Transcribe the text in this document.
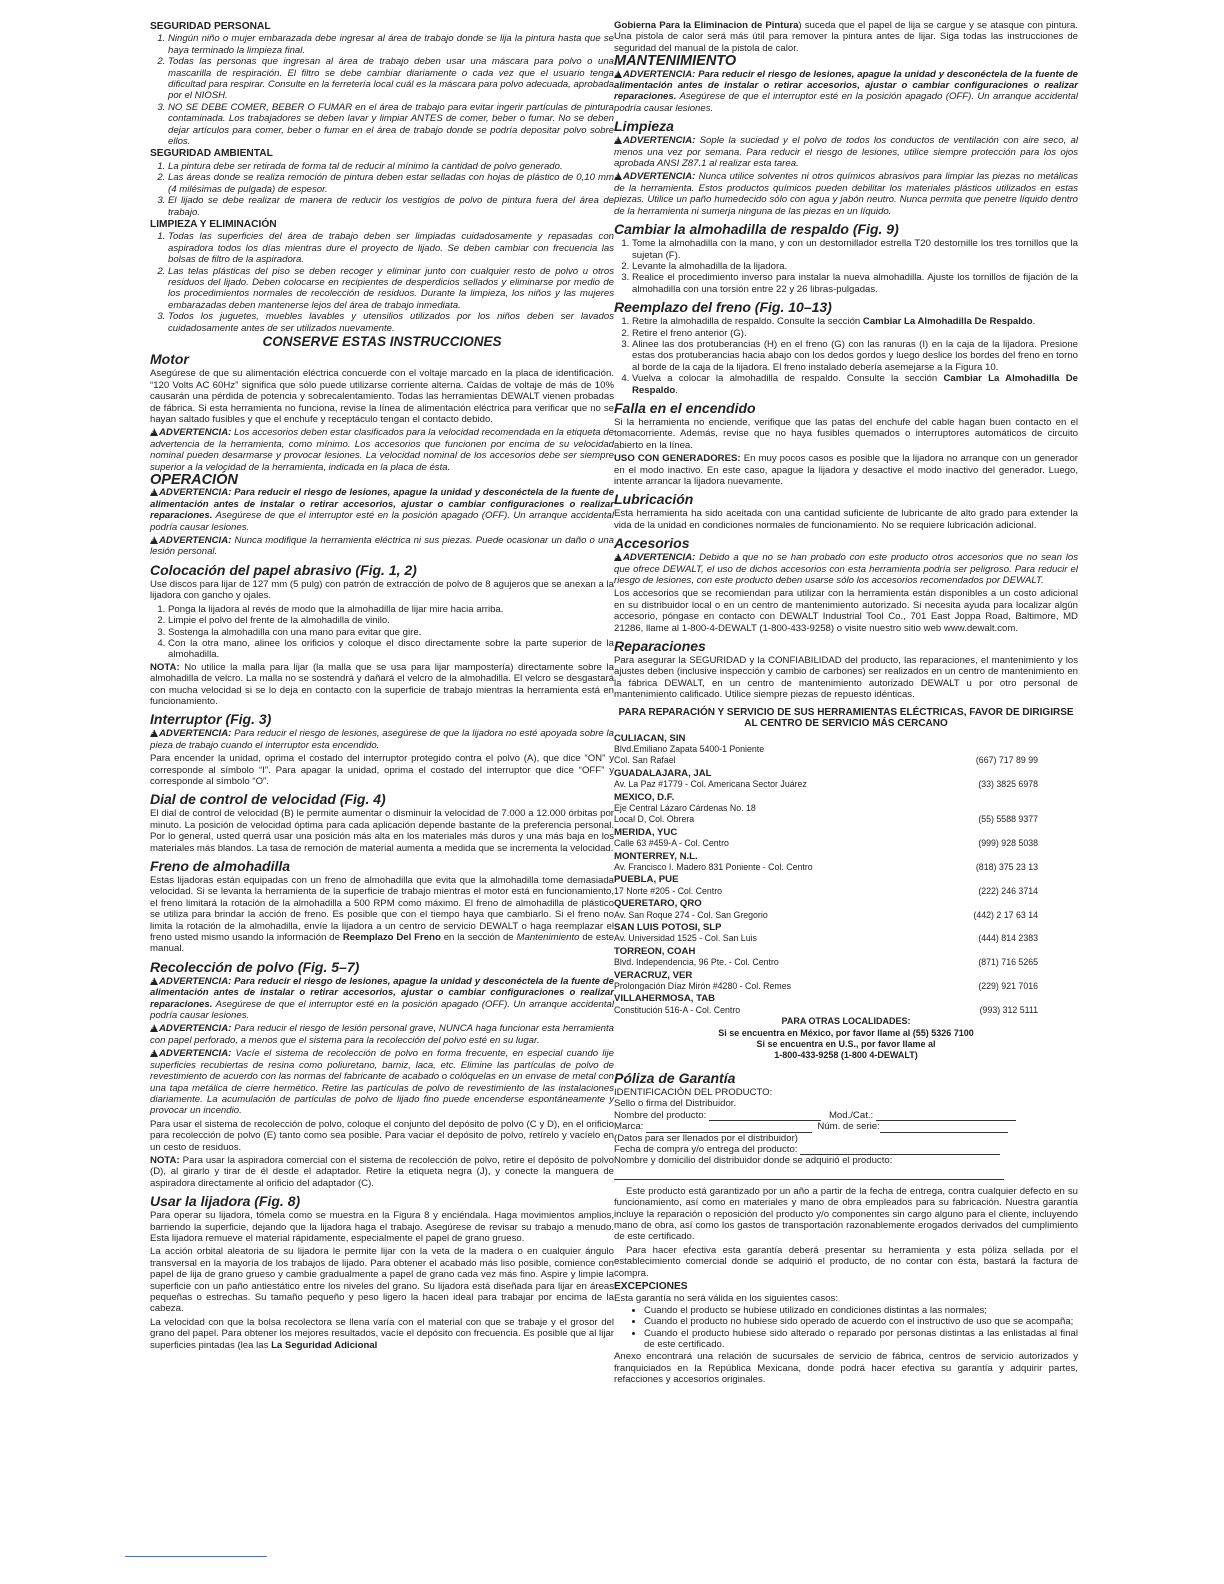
SEGURIDAD PERSONAL
1. Ningún niño o mujer embarazada debe ingresar al área de trabajo donde se lija la pintura hasta que se haya terminado la limpieza final.
2. Todas las personas que ingresan al área de trabajo deben usar una máscara para polvo o una mascarilla de respiración. El filtro se debe cambiar diariamente o cada vez que el usuario tenga dificultad para respirar. Consulte en la ferretería local cuál es la máscara para polvo adecuada, aprobada por el NIOSH.
3. NO SE DEBE COMER, BEBER O FUMAR en el área de trabajo para evitar ingerir partículas de pintura contaminada. Los trabajadores se deben lavar y limpiar ANTES de comer, beber o fumar. No se deben dejar artículos para comer, beber o fumar en el área de trabajo donde se podría depositar polvo sobre ellos.
SEGURIDAD AMBIENTAL
1. La pintura debe ser retirada de forma tal de reducir al mínimo la cantidad de polvo generado.
2. Las áreas donde se realiza remoción de pintura deben estar selladas con hojas de plástico de 0,10 mm (4 milésimas de pulgada) de espesor.
3. El lijado se debe realizar de manera de reducir los vestigios de polvo de pintura fuera del área de trabajo.
LIMPIEZA Y ELIMINACIÓN
1. Todas las superficies del área de trabajo deben ser limpiadas cuidadosamente y repasadas con aspiradora todos los días mientras dure el proyecto de lijado. Se deben cambiar con frecuencia las bolsas de filtro de la aspiradora.
2. Las telas plásticas del piso se deben recoger y eliminar junto con cualquier resto de polvo u otros residuos del lijado. Deben colocarse en recipientes de desperdicios sellados y eliminarse por medio de los procedimientos normales de recolección de residuos. Durante la limpieza, los niños y las mujeres embarazadas deben mantenerse lejos del área de trabajo inmediata.
3. Todos los juguetes, muebles lavables y utensilios utilizados por los niños deben ser lavados cuidadosamente antes de ser utilizados nuevamente.
CONSERVE ESTAS INSTRUCCIONES
Motor

Asegúrese de que su alimentación eléctrica concuerde con el voltaje marcado en la placa de identificación. “120 Volts AC 60Hz” significa que sólo puede utilizarse corriente alterna. Caídas de voltaje de más de 10% causarán una pérdida de potencia y sobrecalentamiento. Todas las herramientas DEWALT vienen probadas de fábrica. Si esta herramienta no funciona, revise la línea de alimentación eléctrica para verificar que no se hayan saltado fusibles y que el enchufe y receptáculo tengan el contacto debido.

!ADVERTENCIA: Los accesorios deben estar clasificados para la velocidad recomendada en la etiqueta de advertencia de la herramienta, como mínimo. Los accesorios que funcionen por encima de su velocidad nominal pueden desarmarse y provocar lesiones. La velocidad nominal de los accesorios debe ser siempre superior a la velocidad de la herramienta, indicada en la placa de ésta.

OPERACIÓN

!ADVERTENCIA: Para reducir el riesgo de lesiones, apague la unidad y desconéctela de la fuente de alimentación antes de instalar o retirar accesorios, ajustar o cambiar configuraciones o realizar reparaciones. Asegúrese de que el interruptor esté en la posición apagado (OFF). Un arranque accidental podría causar lesiones.

!ADVERTENCIA: Nunca modifique la herramienta eléctrica ni sus piezas. Puede ocasionar un daño o una lesión personal.

Colocación del papel abrasivo (Fig. 1, 2)

Use discos para lijar de 127 mm (5 pulg) con patrón de extracción de polvo de 8 agujeros que se anexan a la lijadora con gancho y ojales.

1. Ponga la lijadora al revés de modo que la almohadilla de lijar mire hacia arriba.
2. Limpie el polvo del frente de la almohadilla de vinilo.
3. Sostenga la almohadilla con una mano para evitar que gire.
4. Con la otra mano, alinee los orificios y coloque el disco directamente sobre la parte superior de la almohadilla.

NOTA: No utilice la malla para lijar (la malla que se usa para lijar mampostería) directamente sobre la almohadilla de velcro. La malla no se sostendrá y dañará el velcro de la almohadilla. El velcro se desgastará con mucha velocidad si se lo deja en contacto con la superficie de trabajo mientras la herramienta está en funcionamiento.

Interruptor (Fig. 3)

!ADVERTENCIA: Para reducir el riesgo de lesiones, asegúrese de que la lijadora no esté apoyada sobre la pieza de trabajo cuando el interruptor esta encendido.

Para encender la unidad, oprima el costado del interruptor protegido contra el polvo (A), que dice “ON” y corresponde al símbolo “I”. Para apagar la unidad, oprima el costado del interruptor que dice “OFF” y corresponde al símbolo “O”.

Dial de control de velocidad (Fig. 4)

El dial de control de velocidad (B) le permite aumentar o disminuir la velocidad de 7.000 a 12.000 órbitas por minuto. La posición de velocidad óptima para cada aplicación depende bastante de la preferencia personal. Por lo general, usted querrá usar una posición más alta en los materiales más duros y una más baja en los materiales más blandos. La tasa de remoción de material aumenta a medida que se incrementa la velocidad.

Freno de almohadilla

Estas lijadoras están equipadas con un freno de almohadilla que evita que la almohadilla tome demasiada velocidad. Si se levanta la herramienta de la superficie de trabajo mientras el motor está en funcionamiento, el freno limitará la rotación de la almohadilla a 500 RPM como máximo. El freno de almohadilla de plástico se utiliza para brindar la acción de freno. Es posible que con el tiempo haya que cambiarlo. Si el freno no limita la rotación de la almohadilla, envíe la lijadora a un centro de servicio DEWALT o haga reemplazar el freno usted mismo usando la información de Reemplazo Del Freno en la sección de Mantenimiento de este manual.

Recolección de polvo (Fig. 5–7)

!ADVERTENCIA: Para reducir el riesgo de lesiones, apague la unidad y desconéctela de la fuente de alimentación antes de instalar o retirar accesorios, ajustar o cambiar configuraciones o realizar reparaciones. Asegúrese de que el interruptor esté en la posición apagado (OFF). Un arranque accidental podría causar lesiones.

!ADVERTENCIA: Para reducir el riesgo de lesión personal grave, NUNCA haga funcionar esta herramienta con papel perforado, a menos que el sistema para la recolección del polvo esté en su lugar.

!ADVERTENCIA: Vacíe el sistema de recolección de polvo en forma frecuente, en especial cuando lije superficies recubiertas de resina como poliuretano, barniz, laca, etc. Elimine las partículas de polvo de revestimiento de acuerdo con las normas del fabricante de acabado o colóquelas en un envase de metal con una tapa metálica de cierre hermético. Retire las partículas de polvo de revestimiento de las instalaciones diariamente. La acumulación de partículas de polvo de lijado fino puede encenderse espontáneamente y provocar un incendio.

Para usar el sistema de recolección de polvo, coloque el conjunto del depósito de polvo (C y D), en el orificio para recolección de polvo (E) tanto como sea posible. Para vaciar el depósito de polvo, retírelo y vacíelo en un cesto de residuos.

NOTA: Para usar la aspiradora comercial con el sistema de recolección de polvo, retire el depósito de polvo (D), al girarlo y tirar de él desde el adaptador. Retire la etiqueta negra (J), y conecte la manguera de aspiradora directamente al orificio del adaptador (C).

Usar la lijadora (Fig. 8)

Para operar su lijadora, tómela como se muestra en la Figura 8 y enciéndala. Haga movimientos amplios, barriendo la superficie, dejando que la lijadora haga el trabajo. Asegúrese de revisar su trabajo a menudo. Esta lijadora remueve el material rápidamente, especialmente el papel de grano grueso.

La acción orbital aleatoria de su lijadora le permite lijar con la veta de la madera o en cualquier ángulo transversal en la mayoría de los trabajos de lijado. Para obtener el acabado más liso posible, comience con papel de lija de grano grueso y cambie gradualmente a papel de grano cada vez más fino. Aspire y limpie la superficie con un paño antiestático entre los niveles del grano. Su lijadora está diseñada para lijar en áreas pequeñas o estrechas. Su tamaño pequeño y peso ligero la hacen ideal para trabajar por encima de la cabeza.

La velocidad con que la bolsa recolectora se llena varía con el material con que se trabaje y el grosor del grano del papel. Para obtener los mejores resultados, vacíe el depósito con frecuencia. Es posible que al lijar superficies pintadas (lea las La Seguridad Adicional

Gobierna Para la Eliminacion de Pintura) suceda que el papel de lija se cargue y se atasque con pintura. Una pistola de calor será más útil para remover la pintura antes de lijar. Siga todas las instrucciones de seguridad del manual de la pistola de calor.

MANTENIMIENTO

!ADVERTENCIA: Para reducir el riesgo de lesiones, apague la unidad y desconéctela de la fuente de alimentación antes de instalar o retirar accesorios, ajustar o cambiar configuraciones o realizar reparaciones. Asegúrese de que el interruptor esté en la posición apagado (OFF). Un arranque accidental podría causar lesiones.

Limpieza

!ADVERTENCIA: Sople la suciedad y el polvo de todos los conductos de ventilación con aire seco, al menos una vez por semana. Para reducir el riesgo de lesiones, utilice siempre protección para los ojos aprobada ANSI Z87.1 al realizar esta tarea.

!ADVERTENCIA: Nunca utilice solventes ni otros químicos abrasivos para limpiar las piezas no metálicas de la herramienta. Estos productos químicos pueden debilitar los materiales plásticos utilizados en estas piezas. Utilice un paño humedecido sólo con agua y jabón neutro. Nunca permita que penetre líquido dentro de la herramienta ni sumerja ninguna de las piezas en un líquido.

Cambiar la almohadilla de respaldo (Fig. 9)
1. Tome la almohadilla con la mano, y con un destornillador estrella T20 destornille los tres tornillos que la sujetan (F).
2. Levante la almohadilla de la lijadora.
3. Realice el procedimiento inverso para instalar la nueva almohadilla. Ajuste los tornillos de fijación de la almohadilla con una torsión entre 22 y 26 libras-pulgadas.
Reemplazo del freno (Fig. 10–13)
1. Retire la almohadilla de respaldo. Consulte la sección Cambiar La Almohadilla De Respaldo.
2. Retire el freno anterior (G).
3. Alinee las dos protuberancias (H) en el freno (G) con las ranuras (I) en la caja de la lijadora. Presione estas dos protuberancias hacia abajo con los dedos gordos y luego deslice los bordes del freno en torno al borde de la caja de la lijadora. El freno instalado debería asemejarse a la Figura 10.
4. Vuelva a colocar la almohadilla de respaldo. Consulte la sección Cambiar La Almohadilla De Respaldo.
Falla en el encendido

Si la herramienta no enciende, verifique que las patas del enchufe del cable hagan buen contacto en el tomacorriente. Además, revise que no haya fusibles quemados o interruptores automáticos de circuito abierto en la línea.

USO CON GENERADORES: En muy pocos casos es posible que la lijadora no arranque con un generador en el modo inactivo. En este caso, apague la lijadora y desactive el modo inactivo del generador. Luego, intente arrancar la lijadora nuevamente.

Lubricación

Esta herramienta ha sido aceitada con una cantidad suficiente de lubricante de alto grado para extender la vida de la unidad en condiciones normales de funcionamiento. No se requiere lubricación adicional.

Accesorios

!ADVERTENCIA: Debido a que no se han probado con este producto otros accesorios que no sean los que ofrece DEWALT, el uso de dichos accesorios con esta herramienta podría ser peligroso. Para reducir el riesgo de lesiones, con este producto deben usarse sólo los accesorios recomendados por DEWALT.

Los accesorios que se recomiendan para utilizar con la herramienta están disponibles a un costo adicional en su distribuidor local o en un centro de mantenimiento autorizado. Si necesita ayuda para localizar algún accesorio, póngase en contacto con DEWALT Industrial Tool Co., 701 East Joppa Road, Baltimore, MD 21286, llame al 1-800-4-DEWALT (1-800-433-9258) o visite nuestro sitio web www.dewalt.com.

Reparaciones

Para asegurar la SEGURIDAD y la CONFIABILIDAD del producto, las reparaciones, el mantenimiento y los ajustes deben (inclusive inspección y cambio de carbones) ser realizados en un centro de mantenimiento en la fábrica DEWALT, en un centro de mantenimiento autorizado DEWALT u por otro personal de mantenimiento calificado. Utilice siempre piezas de repuesto idénticas.

PARA REPARACIÓN Y SERVICIO DE SUS HERRAMIENTAS ELÉCTRICAS, FAVOR DE DIRIGIRSE AL CENTRO DE SERVICIO MÁS CERCANO
CULIACAN, SIN
Blvd.Emiliano Zapata 5400-1 Poniente
Col. San Rafael	(667) 717 89 99
GUADALAJARA, JAL
Av. La Paz #1779 - Col. Americana Sector Juárez	(33) 3825 6978
MEXICO, D.F.
Eje Central Lázaro Cárdenas No. 18
Local D, Col. Obrera	(55) 5588 9377
MERIDA, YUC
Calle 63 #459-A - Col. Centro	(999) 928 5038
MONTERREY, N.L.
Av. Francisco I. Madero 831 Poniente - Col. Centro	(818) 375 23 13
PUEBLA, PUE
17 Norte #205 - Col. Centro	(222) 246 3714
QUERETARO, QRO
Av. San Roque 274 - Col. San Gregorio	(442) 2 17 63 14
SAN LUIS POTOSI, SLP
Av. Universidad 1525 - Col. San Luis	(444) 814 2383
TORREON, COAH
Blvd. Independencia, 96 Pte. - Col. Centro	(871) 716 5265
VERACRUZ, VER
Prolongación Díaz Mirón #4280 - Col. Remes	(229) 921 7016
VILLAHERMOSA, TAB
Constitución 516-A - Col. Centro	(993) 312 5111
PARA OTRAS LOCALIDADES:
Si se encuentra en México, por favor llame al (55) 5326 7100
Si se encuentra en U.S., por favor llame al
1-800-433-9258 (1-800 4-DEWALT)
Póliza de Garantía
IDENTIFICACIÓN DEL PRODUCTO:
Sello o firma del Distribuidor.
Nombre del producto:	Mod./Cat.:
Marca:	Núm. de serie:
(Datos para ser llenados por el distribuidor)
Fecha de compra y/o entrega del producto:
Nombre y domicilio del distribuidor donde se adquirió el producto:

Este producto está garantizado por un año a partir de la fecha de entrega, contra cualquier defecto en su funcionamiento, así como en materiales y mano de obra empleados para su fabricación. Nuestra garantía incluye la reparación o reposición del producto y/o componentes sin cargo alguno para el cliente, incluyendo mano de obra, así como los gastos de transportación razonablemente erogados derivados del cumplimiento de este certificado.

Para hacer efectiva esta garantía deberá presentar su herramienta y esta póliza sellada por el establecimiento comercial donde se adquirió el producto, de no contar con ésta, bastará la factura de compra.

EXCEPCIONES
Esta garantía no será válida en los siguientes casos:
• Cuando el producto se hubiese utilizado en condiciones distintas a las normales;
• Cuando el producto no hubiese sido operado de acuerdo con el instructivo de uso que se acompaña;
• Cuando el producto hubiese sido alterado o reparado por personas distintas a las enlistadas al final de este certificado.

Anexo encontrará una relación de sucursales de servicio de fábrica, centros de servicio autorizados y franquiciados en la República Mexicana, donde podrá hacer efectiva su garantía y adquirir partes, refacciones y accesorios originales.
